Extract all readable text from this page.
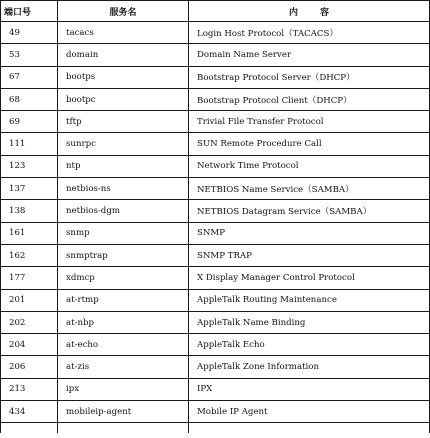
端口号	服务名	内 容
49	tacacs	Login Host Protocol（TACACS）
53	domain	Domain Name Server
67	bootps	Bootstrap Protocol Server（DHCP）
68	bootpc	Bootstrap Protocol Client（DHCP）
69	tftp	Trivial File Transfer Protocol
111	sunrpc	SUN Remote Procedure Call
123	ntp	Network Time Protocol
137	netbios-ns	NETBIOS Name Service（SAMBA）
138	netbios-dgm	NETBIOS Datagram Service（SAMBA）
161	snmp	SNMP
162	snmptrap	SNMP TRAP
177	xdmcp	X Display Manager Control Protocol
201	at-rtmp	AppleTalk Routing Maintenance
202	at-nbp	AppleTalk Name Binding
204	at-echo	AppleTalk Echo
206	at-zis	AppleTalk Zone Information
213	ipx	IPX
434	mobileip-agent	Mobile IP Agent
